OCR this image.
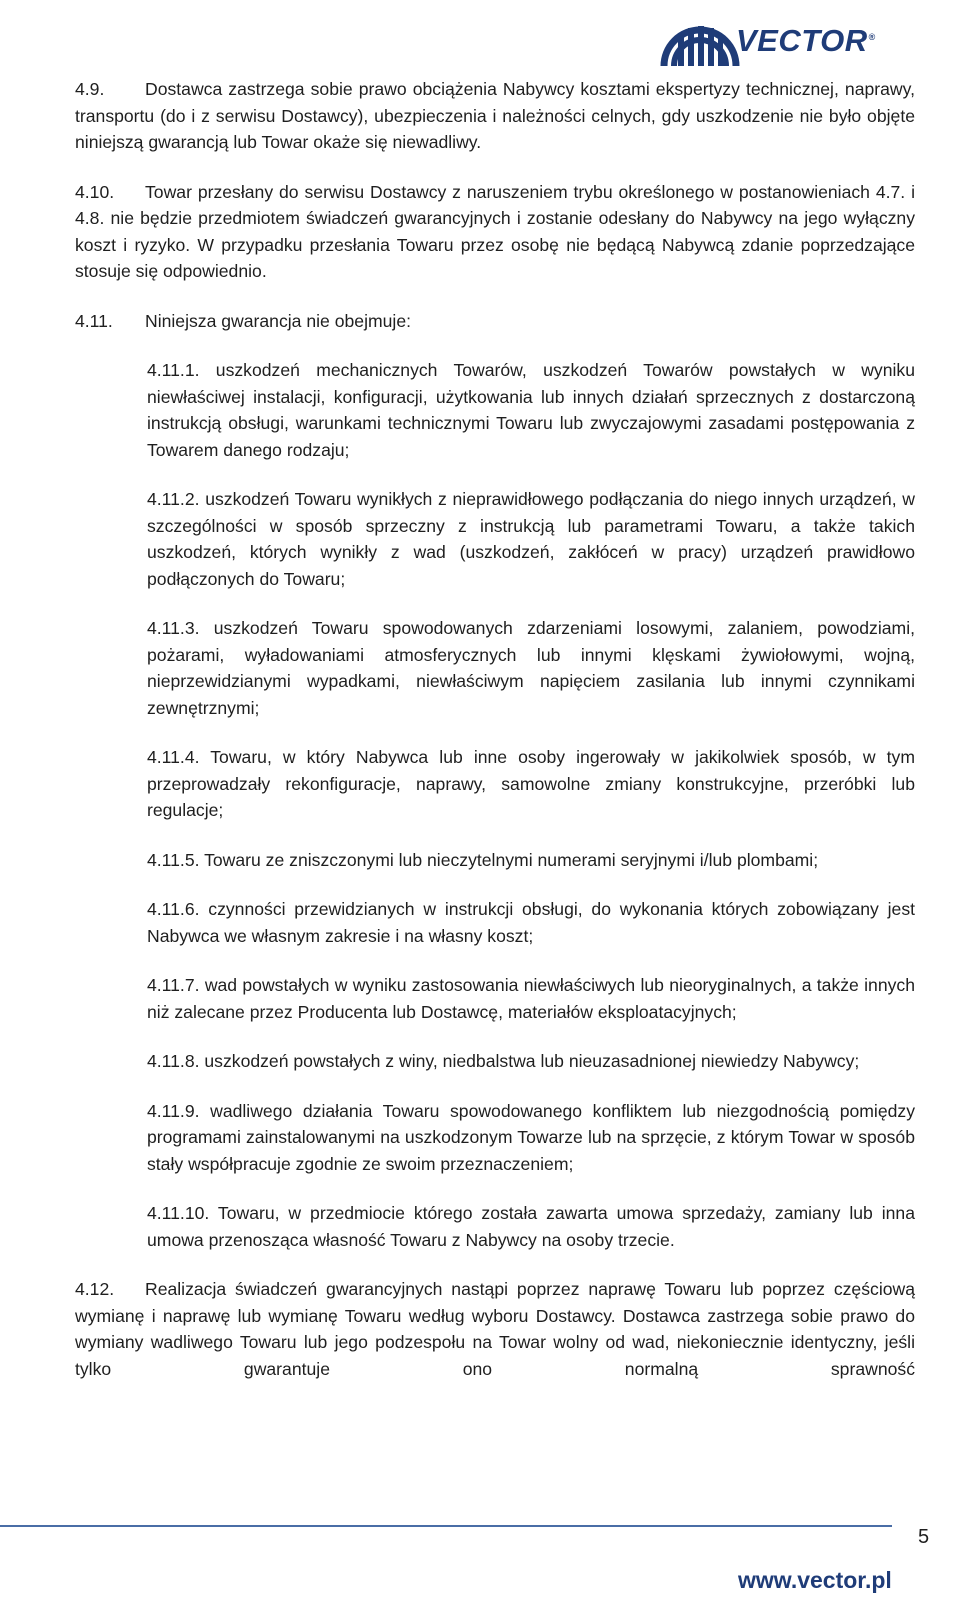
VECTOR®

4.9. Dostawca zastrzega sobie prawo obciążenia Nabywcy kosztami ekspertyzy technicznej, naprawy, transportu (do i z serwisu Dostawcy), ubezpieczenia i należności celnych, gdy uszkodzenie nie było objęte niniejszą gwarancją lub Towar okaże się niewadliwy.

4.10. Towar przesłany do serwisu Dostawcy z naruszeniem trybu określonego w postanowieniach 4.7. i 4.8. nie będzie przedmiotem świadczeń gwarancyjnych i zostanie odesłany do Nabywcy na jego wyłączny koszt i ryzyko. W przypadku przesłania Towaru przez osobę nie będącą Nabywcą zdanie poprzedzające stosuje się odpowiednio.

4.11. Niniejsza gwarancja nie obejmuje:

4.11.1. uszkodzeń mechanicznych Towarów, uszkodzeń Towarów powstałych w wyniku niewłaściwej instalacji, konfiguracji, użytkowania lub innych działań sprzecznych z dostarczoną instrukcją obsługi, warunkami technicznymi Towaru lub zwyczajowymi zasadami postępowania z Towarem danego rodzaju;

4.11.2. uszkodzeń Towaru wynikłych z nieprawidłowego podłączania do niego innych urządzeń, w szczególności w sposób sprzeczny z instrukcją lub parametrami Towaru, a także takich uszkodzeń, których wynikły z wad (uszkodzeń, zakłóceń w pracy) urządzeń prawidłowo podłączonych do Towaru;

4.11.3. uszkodzeń Towaru spowodowanych zdarzeniami losowymi, zalaniem, powodziami, pożarami, wyładowaniami atmosferycznych lub innymi klęskami żywiołowymi, wojną, nieprzewidzianymi wypadkami, niewłaściwym napięciem zasilania lub innymi czynnikami zewnętrznymi;

4.11.4. Towaru, w który Nabywca lub inne osoby ingerowały w jakikolwiek sposób, w tym przeprowadzały rekonfiguracje, naprawy, samowolne zmiany konstrukcyjne, przeróbki lub regulacje;

4.11.5. Towaru ze zniszczonymi lub nieczytelnymi numerami seryjnymi i/lub plombami;

4.11.6. czynności przewidzianych w instrukcji obsługi, do wykonania których zobowiązany jest Nabywca we własnym zakresie i na własny koszt;

4.11.7. wad powstałych w wyniku zastosowania niewłaściwych lub nieoryginalnych, a także innych niż zalecane przez Producenta lub Dostawcę, materiałów eksploatacyjnych;

4.11.8. uszkodzeń powstałych z winy, niedbalstwa lub nieuzasadnionej niewiedzy Nabywcy;

4.11.9. wadliwego działania Towaru spowodowanego konfliktem lub niezgodnością pomiędzy programami zainstalowanymi na uszkodzonym Towarze lub na sprzęcie, z którym Towar w sposób stały współpracuje zgodnie ze swoim przeznaczeniem;

4.11.10. Towaru, w przedmiocie którego została zawarta umowa sprzedaży, zamiany lub inna umowa przenosząca własność Towaru z Nabywcy na osoby trzecie.

4.12. Realizacja świadczeń gwarancyjnych nastąpi poprzez naprawę Towaru lub poprzez częściową wymianę i naprawę lub wymianę Towaru według wyboru Dostawcy. Dostawca zastrzega sobie prawo do wymiany wadliwego Towaru lub jego podzespołu na Towar wolny od wad, niekoniecznie identyczny, jeśli tylko gwarantuje ono normalną sprawność

5
www.vector.pl
